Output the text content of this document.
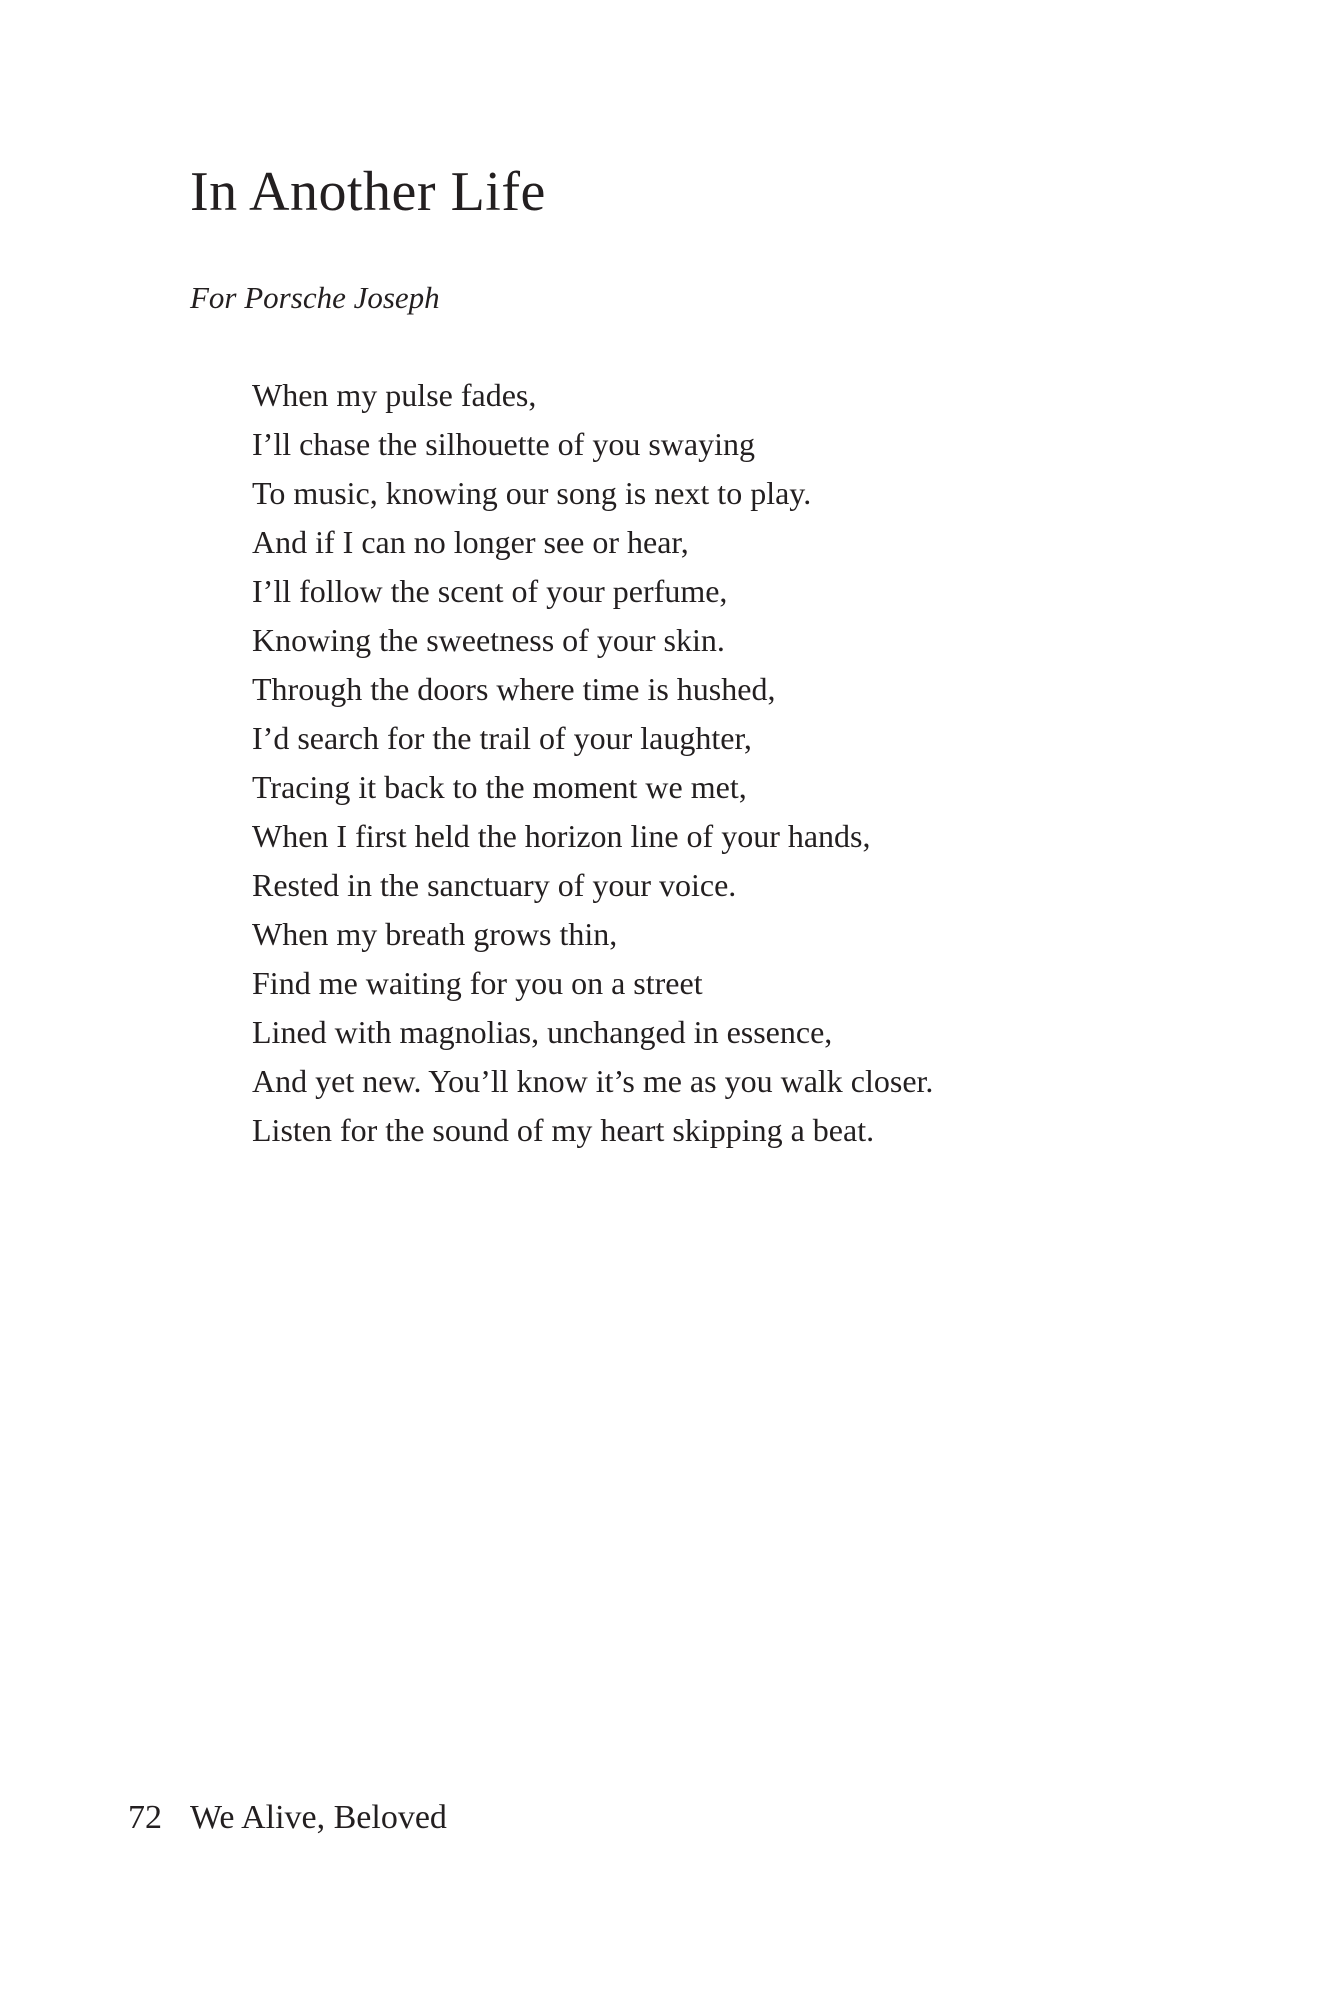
In Another Life

For Porsche Joseph

When my pulse fades,
I’ll chase the silhouette of you swaying
To music, knowing our song is next to play.
And if I can no longer see or hear,
I’ll follow the scent of your perfume,
Knowing the sweetness of your skin.
Through the doors where time is hushed,
I’d search for the trail of your laughter,
Tracing it back to the moment we met,
When I first held the horizon line of your hands,
Rested in the sanctuary of your voice.
When my breath grows thin,
Find me waiting for you on a street
Lined with magnolias, unchanged in essence,
And yet new. You’ll know it’s me as you walk closer.
Listen for the sound of my heart skipping a beat.
72 We Alive, Beloved
